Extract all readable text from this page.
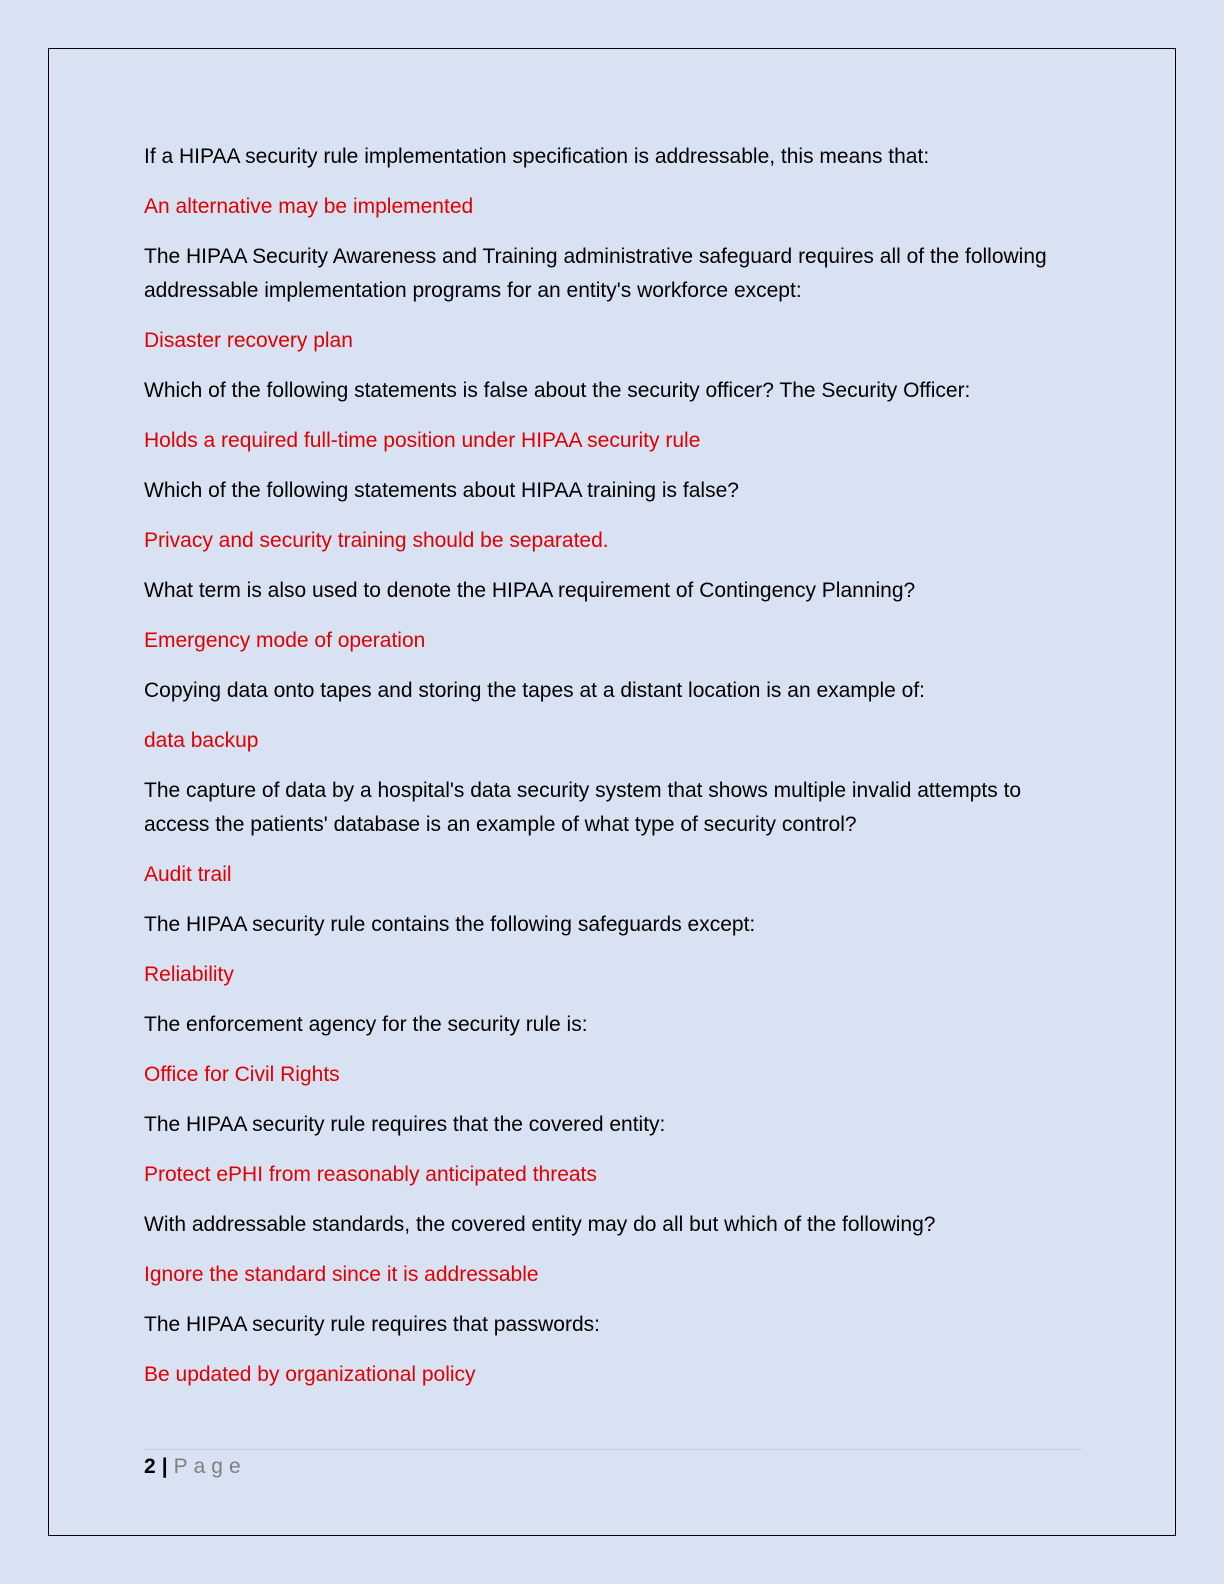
If a HIPAA security rule implementation specification is addressable, this means that:

An alternative may be implemented

The HIPAA Security Awareness and Training administrative safeguard requires all of the following addressable implementation programs for an entity's workforce except:

Disaster recovery plan

Which of the following statements is false about the security officer? The Security Officer:

Holds a required full-time position under HIPAA security rule

Which of the following statements about HIPAA training is false?

Privacy and security training should be separated.

What term is also used to denote the HIPAA requirement of Contingency Planning?

Emergency mode of operation

Copying data onto tapes and storing the tapes at a distant location is an example of:

data backup

The capture of data by a hospital's data security system that shows multiple invalid attempts to access the patients' database is an example of what type of security control?

Audit trail

The HIPAA security rule contains the following safeguards except:

Reliability

The enforcement agency for the security rule is:

Office for Civil Rights

The HIPAA security rule requires that the covered entity:

Protect ePHI from reasonably anticipated threats

With addressable standards, the covered entity may do all but which of the following?

Ignore the standard since it is addressable

The HIPAA security rule requires that passwords:

Be updated by organizational policy

2 | Page
